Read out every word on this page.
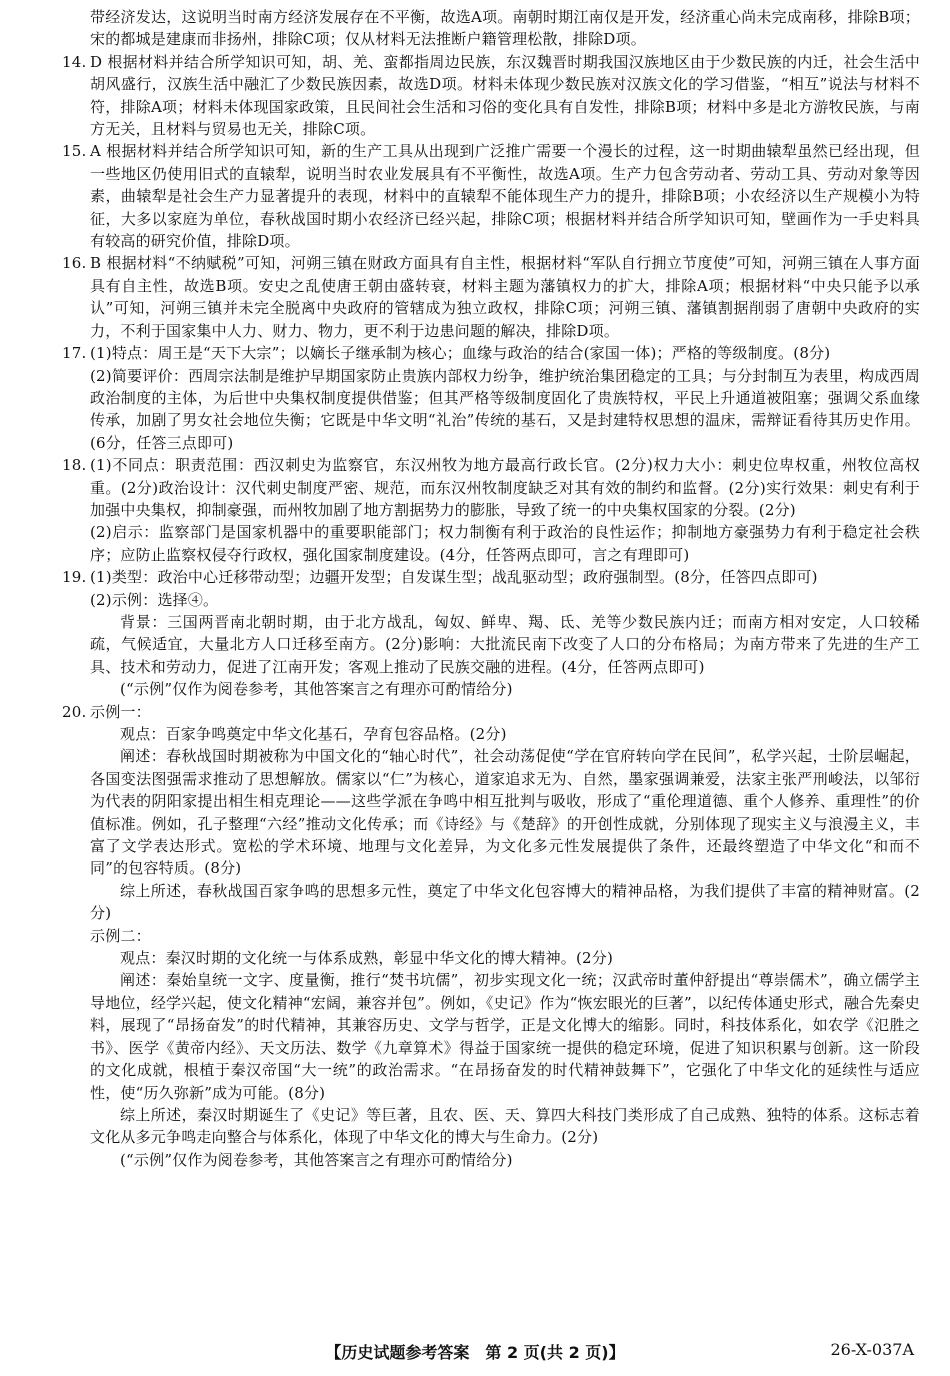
带经济发达，这说明当时南方经济发展存在不平衡，故选A项。南朝时期江南仅是开发，经济重心尚未完成南移，排除B项；宋的都城是建康而非扬州，排除C项；仅从材料无法推断户籍管理松散，排除D项。

14. D 根据材料并结合所学知识可知，胡、羌、蛮都指周边民族，东汉魏晋时期我国汉族地区由于少数民族的内迁，社会生活中胡风盛行，汉族生活中融汇了少数民族因素，故选D项。材料未体现少数民族对汉族文化的学习借鉴，“相互”说法与材料不符，排除A项；材料未体现国家政策，且民间社会生活和习俗的变化具有自发性，排除B项；材料中多是北方游牧民族，与南方无关，且材料与贸易也无关，排除C项。

15. A 根据材料并结合所学知识可知，新的生产工具从出现到广泛推广需要一个漫长的过程，这一时期曲辕犁虽然已经出现，但一些地区仍使用旧式的直辕犁，说明当时农业发展具有不平衡性，故选A项。生产力包含劳动者、劳动工具、劳动对象等因素，曲辕犁是社会生产力显著提升的表现，材料中的直辕犁不能体现生产力的提升，排除B项；小农经济以生产规模小为特征，大多以家庭为单位，春秋战国时期小农经济已经兴起，排除C项；根据材料并结合所学知识可知，壁画作为一手史料具有较高的研究价值，排除D项。

16. B 根据材料“不纳赋税”可知，河朔三镇在财政方面具有自主性，根据材料“军队自行拥立节度使”可知，河朔三镇在人事方面具有自主性，故选B项。安史之乱使唐王朝由盛转衰，材料主题为藩镇权力的扩大，排除A项；根据材料“中央只能予以承认”可知，河朔三镇并未完全脱离中央政府的管辖成为独立政权，排除C项；河朔三镇、藩镇割据削弱了唐朝中央政府的实力，不利于国家集中人力、财力、物力，更不利于边患问题的解决，排除D项。

17. (1)特点：周王是“天下大宗”；以嫡长子继承制为核心；血缘与政治的结合(家国一体)；严格的等级制度。(8分)

(2)简要评价：西周宗法制是维护早期国家防止贵族内部权力纷争，维护统治集团稳定的工具；与分封制互为表里，构成西周政治制度的主体，为后世中央集权制度提供借鉴；但其严格等级制度固化了贵族特权，平民上升通道被阻塞；强调父系血缘传承，加剧了男女社会地位失衡；它既是中华文明“礼治”传统的基石，又是封建特权思想的温床，需辩证看待其历史作用。(6分，任答三点即可)

18. (1)不同点：职责范围：西汉刺史为监察官，东汉州牧为地方最高行政长官。(2分)权力大小：刺史位卑权重，州牧位高权重。(2分)政治设计：汉代刺史制度严密、规范，而东汉州牧制度缺乏对其有效的制约和监督。(2分)实行效果：刺史有利于加强中央集权，抑制豪强，而州牧加剧了地方割据势力的膨胀，导致了统一的中央集权国家的分裂。(2分)

(2)启示：监察部门是国家机器中的重要职能部门；权力制衡有利于政治的良性运作；抑制地方豪强势力有利于稳定社会秩序；应防止监察权侵夺行政权，强化国家制度建设。(4分，任答两点即可，言之有理即可)

19. (1)类型：政治中心迁移带动型；边疆开发型；自发谋生型；战乱驱动型；政府强制型。(8分，任答四点即可)

(2)示例：选择④。

背景：三国两晋南北朝时期，由于北方战乱，匈奴、鲜卑、羯、氐、羌等少数民族内迁；而南方相对安定，人口较稀疏，气候适宜，大量北方人口迁移至南方。(2分)影响：大批流民南下改变了人口的分布格局；为南方带来了先进的生产工具、技术和劳动力，促进了江南开发；客观上推动了民族交融的进程。(4分，任答两点即可)

(“示例”仅作为阅卷参考，其他答案言之有理亦可酌情给分)

20. 示例一：

观点：百家争鸣奠定中华文化基石，孕育包容品格。(2分)

阐述：春秋战国时期被称为中国文化的“轴心时代”，社会动荡促使“学在官府转向学在民间”，私学兴起，士阶层崛起，各国变法图强需求推动了思想解放。儒家以“仁”为核心，道家追求无为、自然，墨家强调兼爱，法家主张严刑峻法，以邹衍为代表的阴阳家提出相生相克理论——这些学派在争鸣中相互批判与吸收，形成了“重伦理道德、重个人修养、重理性”的价值标准。例如，孔子整理“六经”推动文化传承；而《诗经》与《楚辞》的开创性成就，分别体现了现实主义与浪漫主义，丰富了文学表达形式。宽松的学术环境、地理与文化差异，为文化多元性发展提供了条件，还最终塑造了中华文化“和而不同”的包容特质。(8分)

综上所述，春秋战国百家争鸣的思想多元性，奠定了中华文化包容博大的精神品格，为我们提供了丰富的精神财富。(2分)

示例二：

观点：秦汉时期的文化统一与体系成熟，彰显中华文化的博大精神。(2分)

阐述：秦始皇统一文字、度量衡，推行“焚书坑儒”，初步实现文化一统；汉武帝时董仲舒提出“尊崇儒术”，确立儒学主导地位，经学兴起，使文化精神“宏阔，兼容并包”。例如，《史记》作为“恢宏眼光的巨著”，以纪传体通史形式，融合先秦史料，展现了“昂扬奋发”的时代精神，其兼容历史、文学与哲学，正是文化博大的缩影。同时，科技体系化，如农学《氾胜之书》、医学《黄帝内经》、天文历法、数学《九章算术》得益于国家统一提供的稳定环境，促进了知识积累与创新。这一阶段的文化成就，根植于秦汉帝国“大一统”的政治需求。“在昂扬奋发的时代精神鼓舞下”，它强化了中华文化的延续性与适应性，使“历久弥新”成为可能。(8分)

综上所述，秦汉时期诞生了《史记》等巨著，且农、医、天、算四大科技门类形成了自己成熟、独特的体系。这标志着文化从多元争鸣走向整合与体系化，体现了中华文化的博大与生命力。(2分)

(“示例”仅作为阅卷参考，其他答案言之有理亦可酌情给分)

【历史试题参考答案　第 2 页(共 2 页)】	26-X-037A
